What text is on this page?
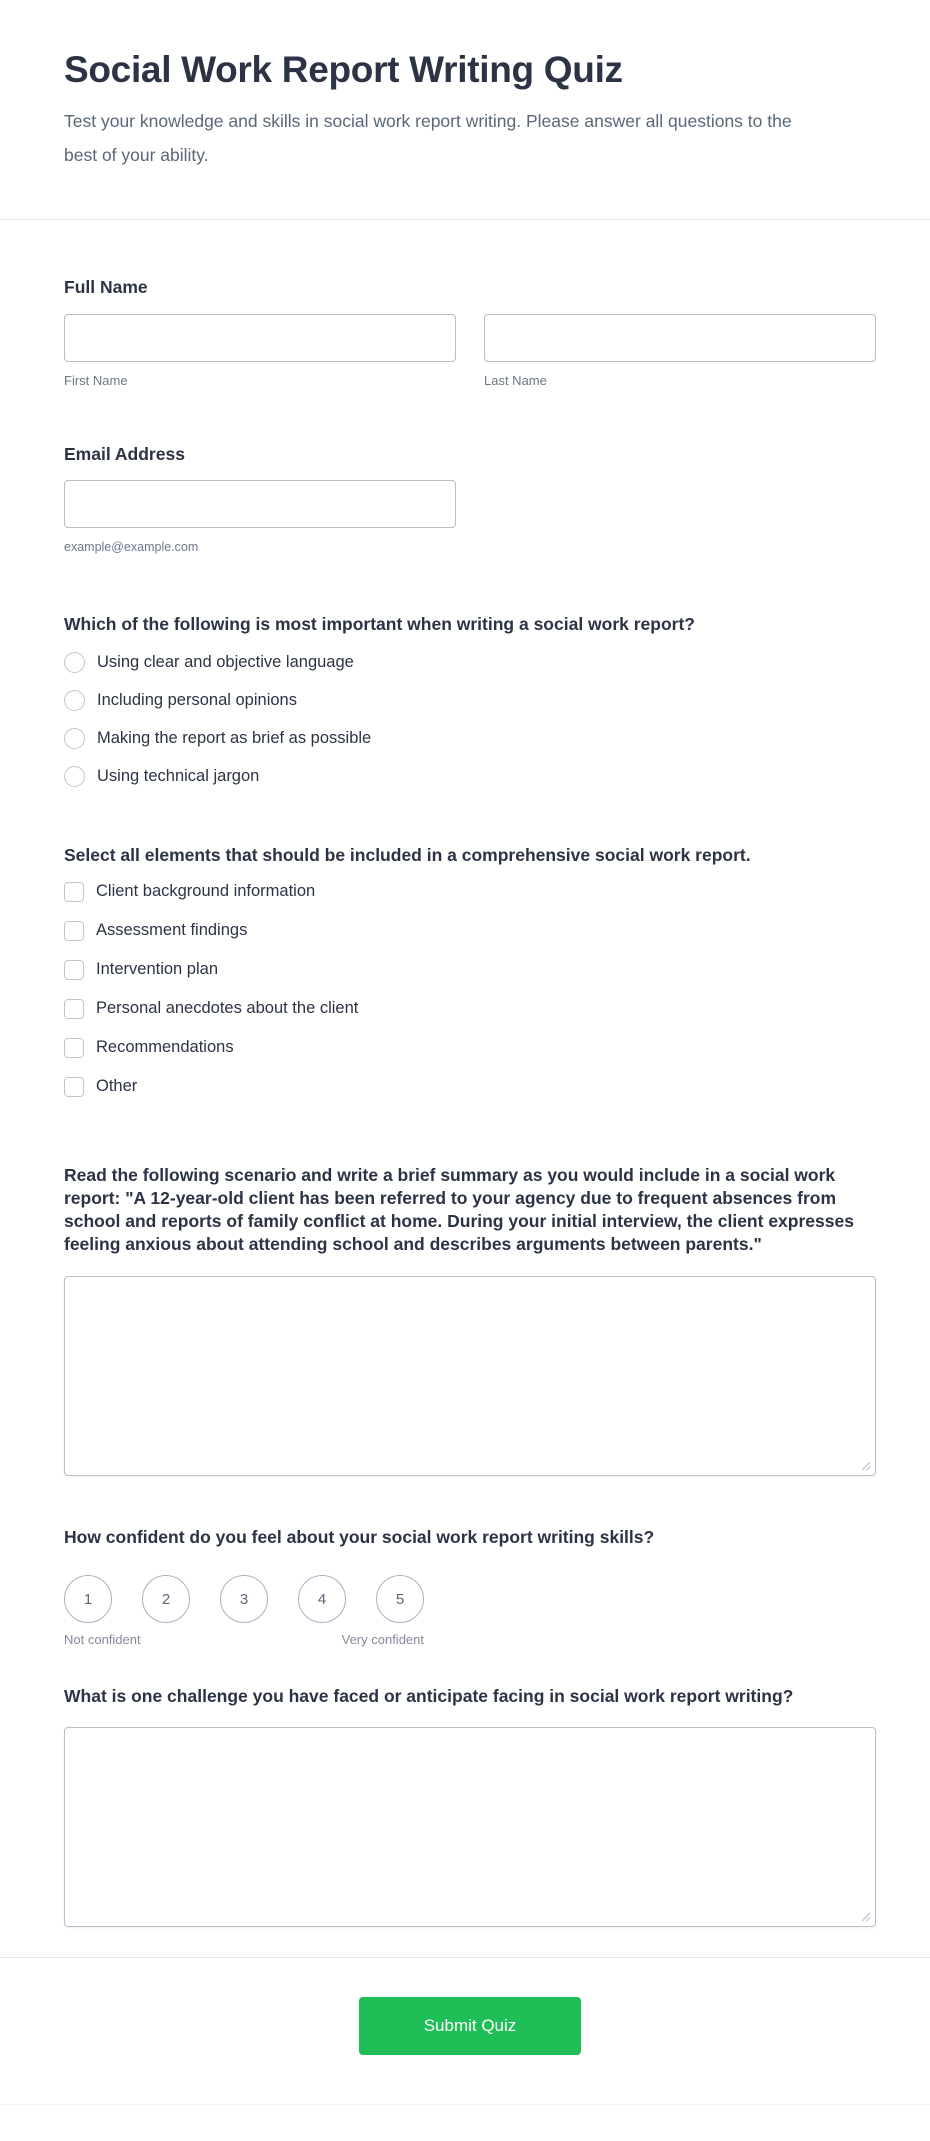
Social Work Report Writing Quiz

Test your knowledge and skills in social work report writing. Please answer all questions to the best of your ability.

Full Name
First Name	Last Name
Email Address
example@example.com
Which of the following is most important when writing a social work report?
Using clear and objective language
Including personal opinions
Making the report as brief as possible
Using technical jargon
Select all elements that should be included in a comprehensive social work report.
Client background information
Assessment findings
Intervention plan
Personal anecdotes about the client
Recommendations
Other
Read the following scenario and write a brief summary as you would include in a social work report: "A 12-year-old client has been referred to your agency due to frequent absences from school and reports of family conflict at home. During your initial interview, the client expresses feeling anxious about attending school and describes arguments between parents."
How confident do you feel about your social work report writing skills?
1	2	3	4	5
Not confident	Very confident
What is one challenge you have faced or anticipate facing in social work report writing?
Submit Quiz
